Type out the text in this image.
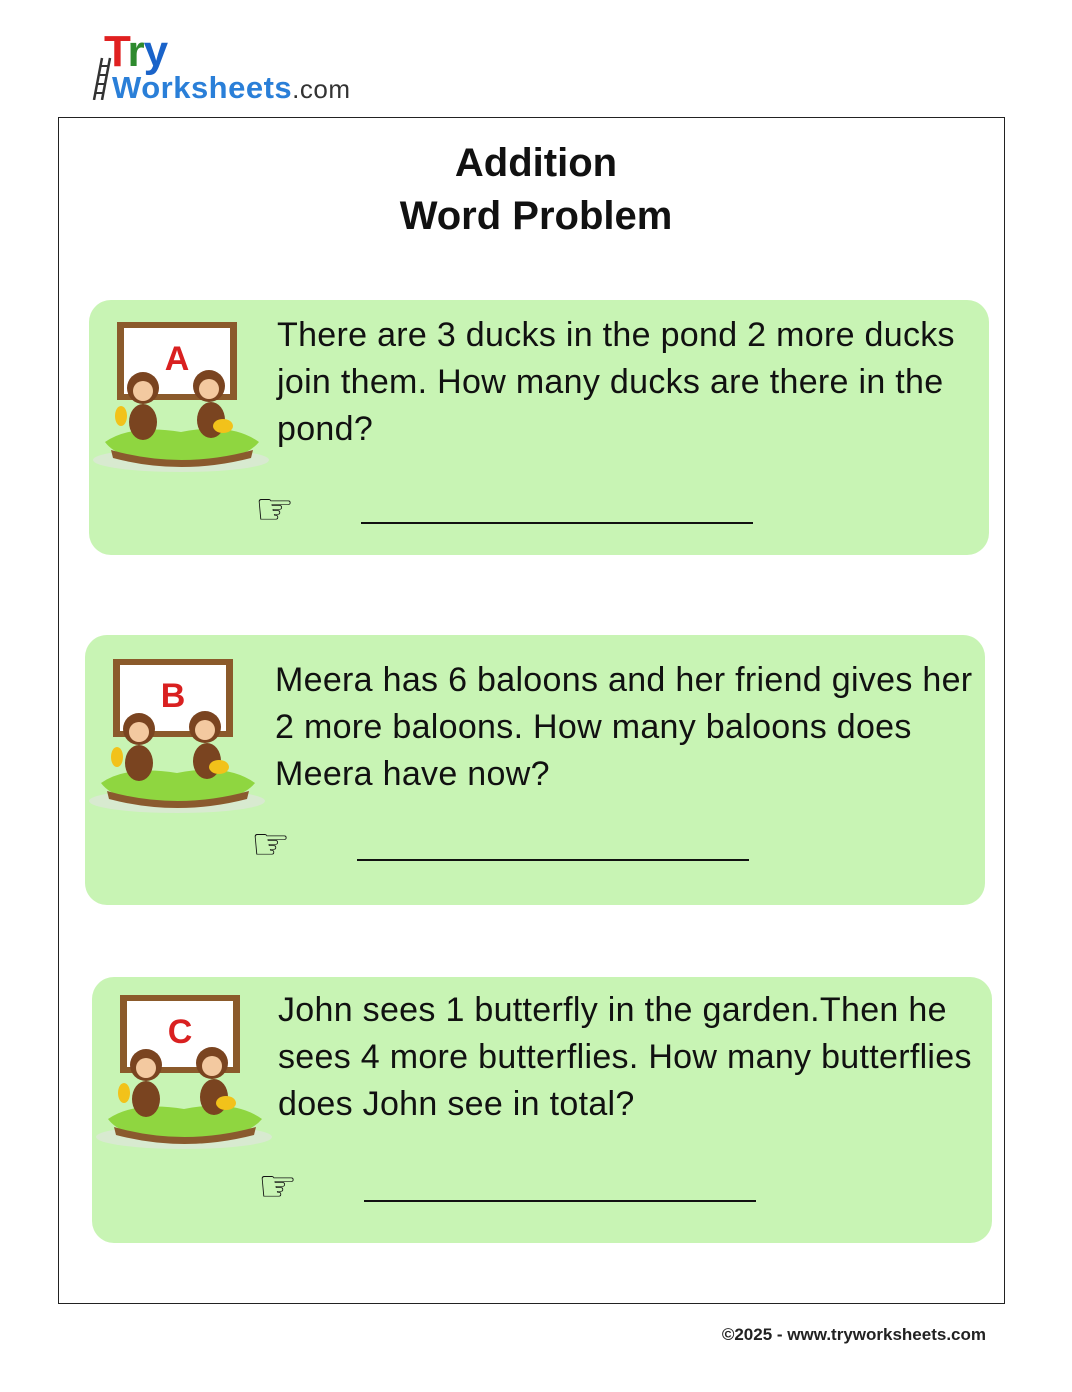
Try
Worksheets.com
Addition
Word Problem
A
There are 3 ducks in the pond 2 more ducks join them. How many ducks are there in the pond?
☞
B	Meera has 6 baloons and her friend gives her 2 more baloons. How many baloons does Meera have now?
☞
C
John sees 1 butterfly in the garden.Then he sees 4 more butterflies. How many butterflies does John see in total?
☞
©2025 - www.tryworksheets.com
